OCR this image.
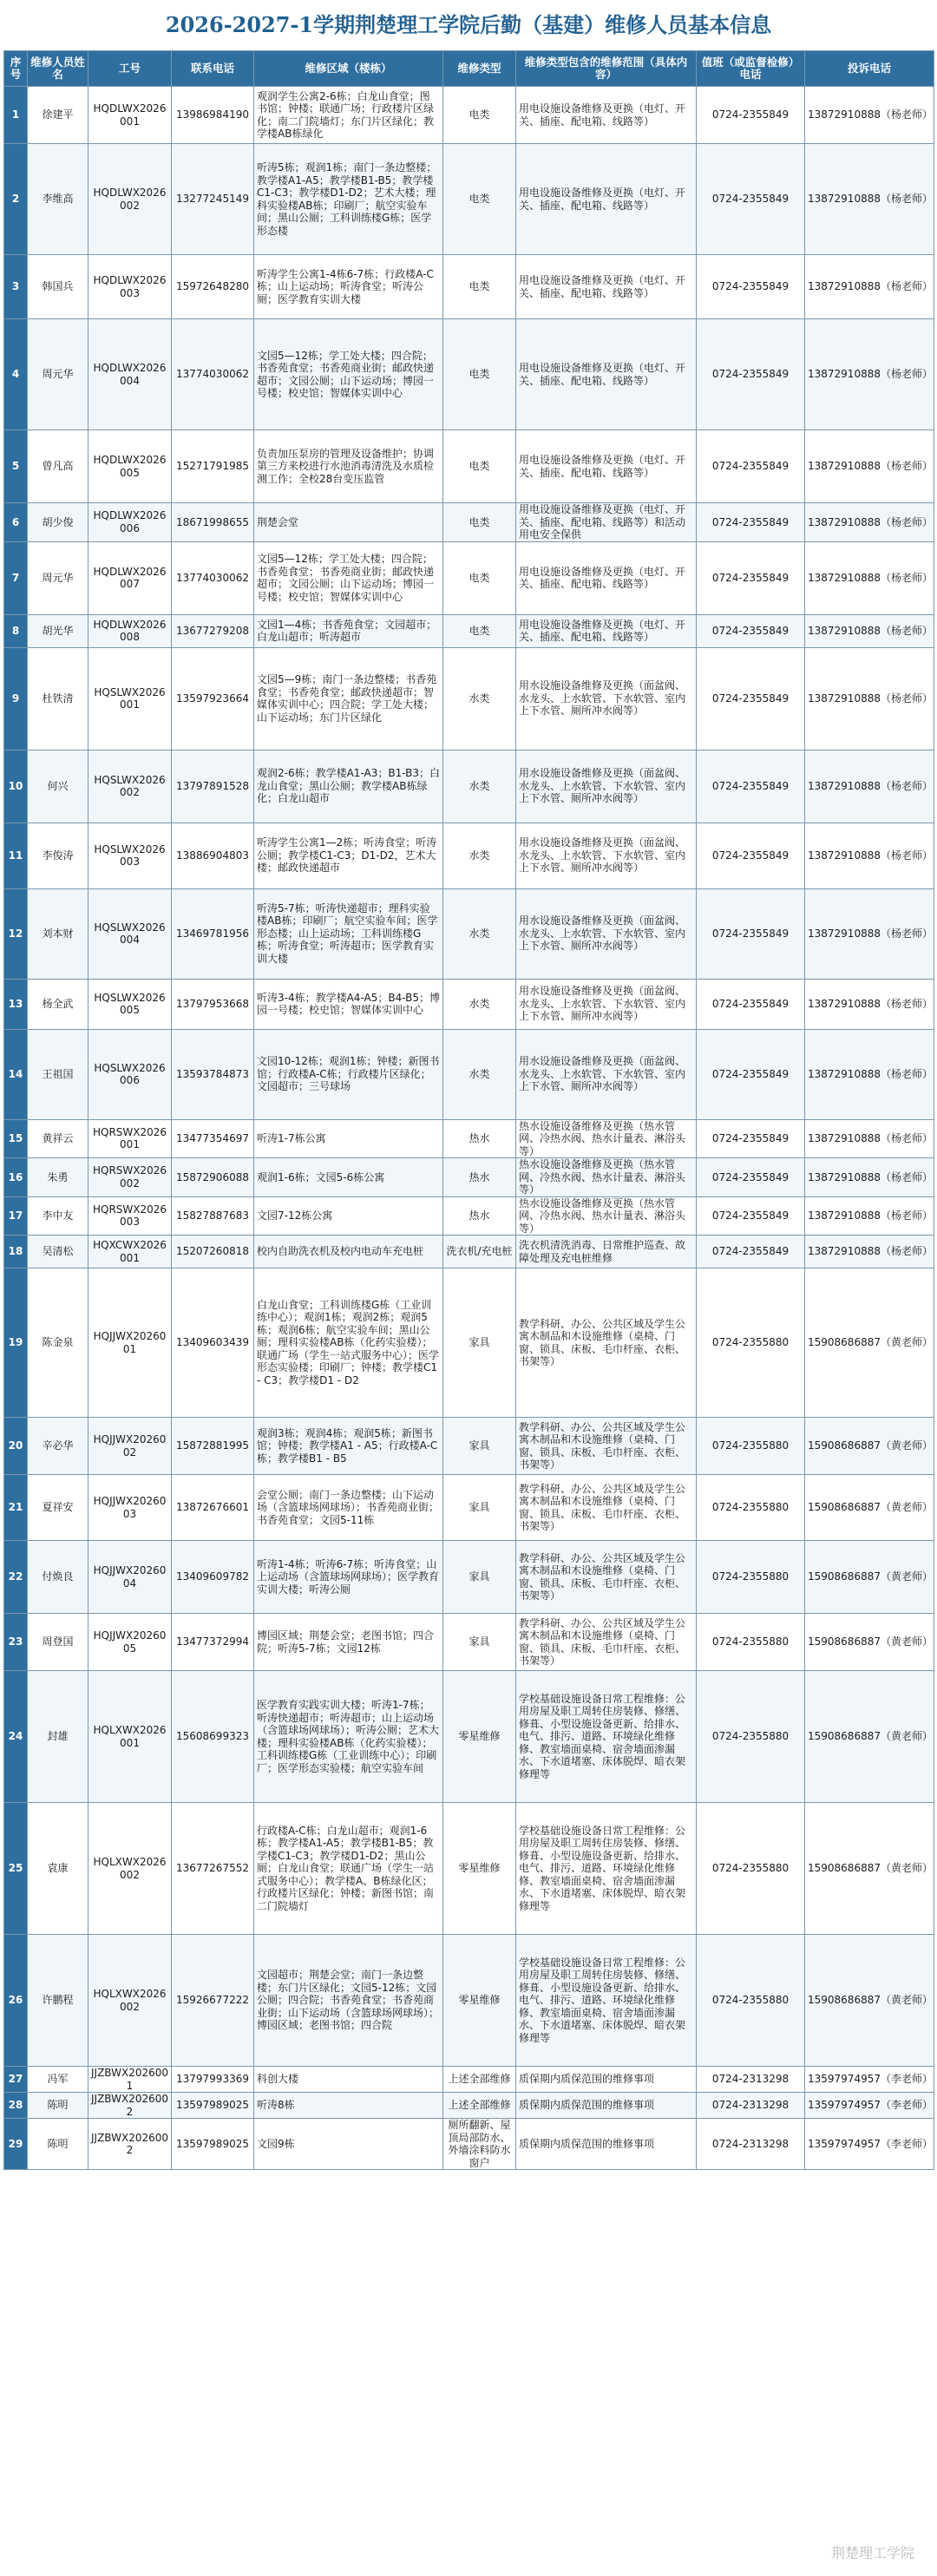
2026-2027-1学期荆楚理工学院后勤（基建）维修人员基本信息
序号	维修人员姓名	工号	联系电话	维修区域（楼栋）	维修类型	维修类型包含的维修范围（具体内容）	值班（或监督检修）电话	投诉电话
1	徐建平	HQDLWX2026001	13986984190	观润学生公寓2-6栋；白龙山食堂；图书馆；钟楼；联通广场；行政楼片区绿化；南二门院墙灯；东门片区绿化；教学楼AB栋绿化	电类	用电设施设备维修及更换（电灯、开关、插座、配电箱、线路等）	0724-2355849	13872910888（杨老师）
2	李维高	HQDLWX2026002	13277245149	听涛5栋；观润1栋；南门一条边整楼；教学楼A1-A5；教学楼B1-B5；教学楼C1-C3；教学楼D1-D2；艺术大楼；理科实验楼AB栋；印刷厂；航空实验车间；黑山公厕；工科训练楼G栋；医学形态楼	电类	用电设施设备维修及更换（电灯、开关、插座、配电箱、线路等）	0724-2355849	13872910888（杨老师）
3	韩国兵	HQDLWX2026003	15972648280	听涛学生公寓1-4栋6-7栋；行政楼A-C栋；山上运动场；听涛食堂；听涛公厕；医学教育实训大楼	电类	用电设施设备维修及更换（电灯、开关、插座、配电箱、线路等）	0724-2355849	13872910888（杨老师）
4	周元华	HQDLWX2026004	13774030062	文园5—12栋；学工处大楼；四合院；书香苑食堂；书香苑商业街；邮政快递超市；文园公厕；山下运动场；博园一号楼；校史馆；智媒体实训中心	电类	用电设施设备维修及更换（电灯、开关、插座、配电箱、线路等）	0724-2355849	13872910888（杨老师）
5	曾凡高	HQDLWX2026005	15271791985	负责加压泵房的管理及设备维护；协调第三方来校进行水池消毒清洗及水质检测工作；全校28台变压监管	电类	用电设施设备维修及更换（电灯、开关、插座、配电箱、线路等）	0724-2355849	13872910888（杨老师）
6	胡少俊	HQDLWX2026006	18671998655	荆楚会堂	电类	用电设施设备维修及更换（电灯、开关、插座、配电箱、线路等）和活动用电安全保供	0724-2355849	13872910888（杨老师）
7	周元华	HQDLWX2026007	13774030062	文园5—12栋；学工处大楼；四合院；书香苑食堂；书香苑商业街；邮政快递超市；文园公厕；山下运动场；博园一号楼；校史馆；智媒体实训中心	电类	用电设施设备维修及更换（电灯、开关、插座、配电箱、线路等）	0724-2355849	13872910888（杨老师）
8	胡光华	HQDLWX2026008	13677279208	文园1—4栋；书香苑食堂；文园超市；白龙山超市；听涛超市	电类	用电设施设备维修及更换（电灯、开关、插座、配电箱、线路等）	0724-2355849	13872910888（杨老师）
9	杜铁清	HQSLWX2026001	13597923664	文园5—9栋；南门一条边整楼；书香苑食堂；书香苑食堂；邮政快递超市；智媒体实训中心；四合院；学工处大楼；山下运动场；东门片区绿化	水类	用水设施设备维修及更换（面盆阀、水龙头、上水软管、下水软管、室内上下水管、厕所冲水阀等）	0724-2355849	13872910888（杨老师）
10	何兴	HQSLWX2026002	13797891528	观润2-6栋；教学楼A1-A3；B1-B3；白龙山食堂；黑山公厕；教学楼AB栋绿化；白龙山超市	水类	用水设施设备维修及更换（面盆阀、水龙头、上水软管、下水软管、室内上下水管、厕所冲水阀等）	0724-2355849	13872910888（杨老师）
11	李俊涛	HQSLWX2026003	13886904803	听涛学生公寓1—2栋；听涛食堂；听涛公厕；教学楼C1-C3；D1-D2，艺术大楼；邮政快递超市	水类	用水设施设备维修及更换（面盆阀、水龙头、上水软管、下水软管、室内上下水管、厕所冲水阀等）	0724-2355849	13872910888（杨老师）
12	刘本财	HQSLWX2026004	13469781956	听涛5-7栋；听涛快递超市；理科实验楼AB栋；印刷厂；航空实验车间；医学形态楼；山上运动场；工科训练楼G栋；听涛食堂；听涛超市；医学教育实训大楼	水类	用水设施设备维修及更换（面盆阀、水龙头、上水软管、下水软管、室内上下水管、厕所冲水阀等）	0724-2355849	13872910888（杨老师）
13	杨全武	HQSLWX2026005	13797953668	听涛3-4栋；教学楼A4-A5；B4-B5；博园一号楼；校史馆；智媒体实训中心	水类	用水设施设备维修及更换（面盆阀、水龙头、上水软管、下水软管、室内上下水管、厕所冲水阀等）	0724-2355849	13872910888（杨老师）
14	王祖国	HQSLWX2026006	13593784873	文园10-12栋；观润1栋；钟楼；新图书馆；行政楼A-C栋；行政楼片区绿化；文园超市；三号球场	水类	用水设施设备维修及更换（面盆阀、水龙头、上水软管、下水软管、室内上下水管、厕所冲水阀等）	0724-2355849	13872910888（杨老师）
15	黄祥云	HQRSWX2026001	13477354697	听涛1-7栋公寓	热水	热水设施设备维修及更换（热水管网、冷热水阀、热水计量表、淋浴头等）	0724-2355849	13872910888（杨老师）
16	朱勇	HQRSWX2026002	15872906088	观润1-6栋；文园5-6栋公寓	热水	热水设施设备维修及更换（热水管网、冷热水阀、热水计量表、淋浴头等）	0724-2355849	13872910888（杨老师）
17	李中友	HQRSWX2026003	15827887683	文园7-12栋公寓	热水	热水设施设备维修及更换（热水管网、冷热水阀、热水计量表、淋浴头等）	0724-2355849	13872910888（杨老师）
18	吴清松	HQXCWX2026001	15207260818	校内自助洗衣机及校内电动车充电桩	洗衣机/充电桩	洗衣机清洗消毒、日常维护巡查、故障处理及充电桩维修	0724-2355849	13872910888（杨老师）
19	陈金泉	HQJJWX2026001	13409603439	白龙山食堂；工科训练楼G栋（工业训练中心）；观润1栋；观润2栋；观润5栋；观润6栋；航空实验车间；黑山公厕；理科实验楼AB栋（化药实验楼）；联通广场（学生一站式服务中心）；医学形态实验楼；印刷厂；钟楼；教学楼C1 - C3；教学楼D1 - D2	家具	教学科研、办公、公共区域及学生公寓木制品和木设施维修（桌椅、门窗、锁具、床板、毛巾杆座、衣柜、书架等）	0724-2355880	15908686887（黄老师）
20	辛必华	HQJJWX2026002	15872881995	观润3栋；观润4栋；观润5栋；新图书馆；钟楼；教学楼A1 - A5；行政楼A-C栋；教学楼B1 - B5	家具	教学科研、办公、公共区域及学生公寓木制品和木设施维修（桌椅、门窗、锁具、床板、毛巾杆座、衣柜、书架等）	0724-2355880	15908686887（黄老师）
21	夏祥安	HQJJWX2026003	13872676601	会堂公厕；南门一条边整楼；山下运动场（含篮球场网球场）；书香苑商业街；书香苑食堂；文园5-11栋	家具	教学科研、办公、公共区域及学生公寓木制品和木设施维修（桌椅、门窗、锁具、床板、毛巾杆座、衣柜、书架等）	0724-2355880	15908686887（黄老师）
22	付焕良	HQJJWX2026004	13409609782	听涛1-4栋；听涛6-7栋；听涛食堂；山上运动场（含篮球场网球场）；医学教育实训大楼；听涛公厕	家具	教学科研、办公、公共区域及学生公寓木制品和木设施维修（桌椅、门窗、锁具、床板、毛巾杆座、衣柜、书架等）	0724-2355880	15908686887（黄老师）
23	周登国	HQJJWX2026005	13477372994	博园区域；荆楚会堂；老图书馆；四合院；听涛5-7栋；文园12栋	家具	教学科研、办公、公共区域及学生公寓木制品和木设施维修（桌椅、门窗、锁具、床板、毛巾杆座、衣柜、书架等）	0724-2355880	15908686887（黄老师）
24	封雄	HQLXWX2026001	15608699323	医学教育实践实训大楼；听涛1-7栋；听涛快递超市；听涛超市；山上运动场（含篮球场网球场）；听涛公厕；艺术大楼；理科实验楼AB栋（化药实验楼）；工科训练楼G栋（工业训练中心）；印刷厂；医学形态实验楼；航空实验车间	零星维修	学校基础设施设备日常工程维修：公用房屋及职工周转住房装修、修缮、修葺、小型设施设备更新、给排水、电气、排污、道路、环境绿化维修修、教室墙面桌椅、宿舍墙面渗漏水、下水道堵塞、床体脱焊、暗衣架修理等	0724-2355880	15908686887（黄老师）
25	袁康	HQLXWX2026002	13677267552	行政楼A-C栋；白龙山超市；观润1-6栋；教学楼A1-A5；教学楼B1-B5；教学楼C1-C3；教学楼D1-D2；黑山公厕；白龙山食堂；联通广场（学生一站式服务中心）；教学楼A、B栋绿化区；行政楼片区绿化；钟楼；新图书馆；南二门院墙灯	零星维修	学校基础设施设备日常工程维修：公用房屋及职工周转住房装修、修缮、修葺、小型设施设备更新、给排水、电气、排污、道路、环境绿化维修修、教室墙面桌椅、宿舍墙面渗漏水、下水道堵塞、床体脱焊、暗衣架修理等	0724-2355880	15908686887（黄老师）
26	许鹏程	HQLXWX2026002	15926677222	文园超市；荆楚会堂；南门一条边整楼；东门片区绿化；文园5-12栋；文园公厕；四合院；书香苑食堂；书香苑商业街；山下运动场（含篮球场网球场）；博园区域；老图书馆；四合院	零星维修	学校基础设施设备日常工程维修：公用房屋及职工周转住房装修、修缮、修葺、小型设施设备更新、给排水、电气、排污、道路、环境绿化维修修、教室墙面桌椅、宿舍墙面渗漏水、下水道堵塞、床体脱焊、暗衣架修理等	0724-2355880	15908686887（黄老师）
27	冯军	JJZBWX2026001	13797993369	科创大楼	上述全部维修	质保期内质保范围的维修事项	0724-2313298	13597974957（李老师）
28	陈明	JJZBWX2026002	13597989025	听涛8栋	上述全部维修	质保期内质保范围的维修事项	0724-2313298	13597974957（李老师）
29	陈明	JJZBWX2026002	13597989025	文园9栋	厕所翻新、屋顶局部防水、外墙涂料防水窗户	质保期内质保范围的维修事项	0724-2313298	13597974957（李老师）
荆楚理工学院
